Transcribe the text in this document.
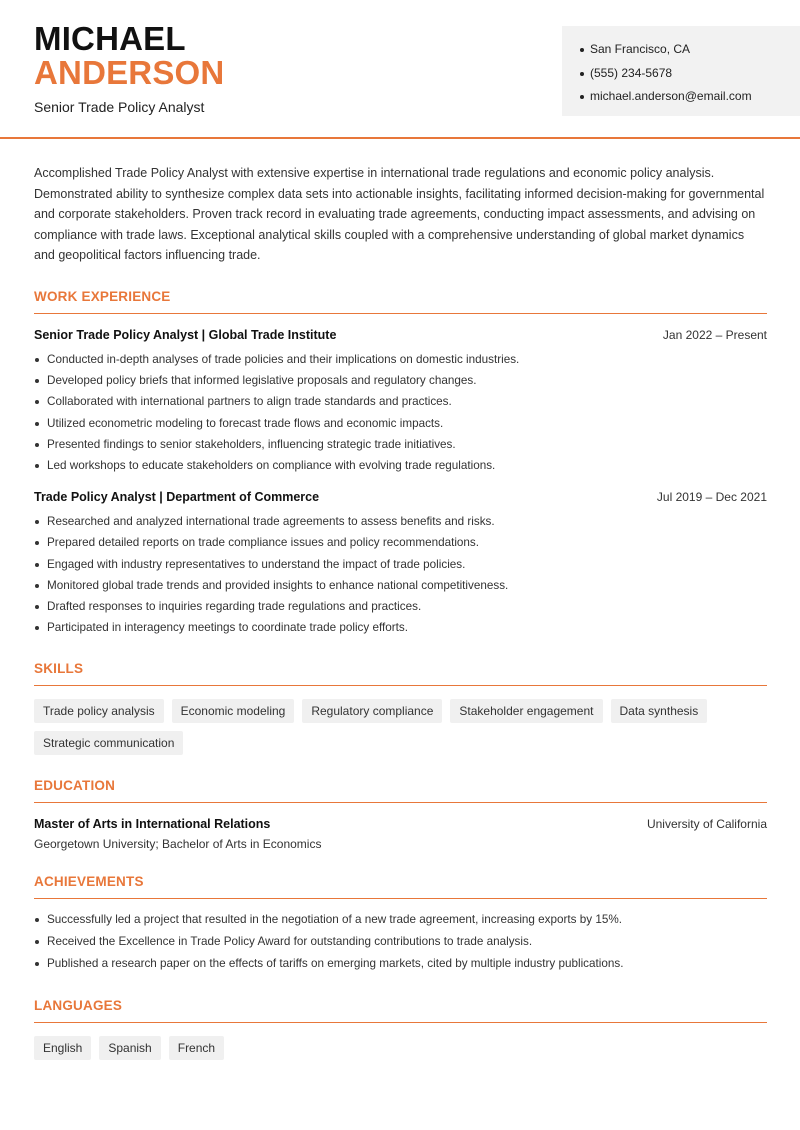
MICHAEL
ANDERSON
Senior Trade Policy Analyst
San Francisco, CA
(555) 234-5678
michael.anderson@email.com

Accomplished Trade Policy Analyst with extensive expertise in international trade regulations and economic policy analysis. Demonstrated ability to synthesize complex data sets into actionable insights, facilitating informed decision-making for governmental and corporate stakeholders. Proven track record in evaluating trade agreements, conducting impact assessments, and advising on compliance with trade laws. Exceptional analytical skills coupled with a comprehensive understanding of global market dynamics and geopolitical factors influencing trade.

WORK EXPERIENCE
Senior Trade Policy Analyst | Global Trade Institute	Jan 2022 – Present
Conducted in-depth analyses of trade policies and their implications on domestic industries.
Developed policy briefs that informed legislative proposals and regulatory changes.
Collaborated with international partners to align trade standards and practices.
Utilized econometric modeling to forecast trade flows and economic impacts.
Presented findings to senior stakeholders, influencing strategic trade initiatives.
Led workshops to educate stakeholders on compliance with evolving trade regulations.
Trade Policy Analyst | Department of Commerce	Jul 2019 – Dec 2021
Researched and analyzed international trade agreements to assess benefits and risks.
Prepared detailed reports on trade compliance issues and policy recommendations.
Engaged with industry representatives to understand the impact of trade policies.
Monitored global trade trends and provided insights to enhance national competitiveness.
Drafted responses to inquiries regarding trade regulations and practices.
Participated in interagency meetings to coordinate trade policy efforts.
SKILLS
Trade policy analysis	Economic modeling	Regulatory compliance	Stakeholder engagement	Data synthesis
Strategic communication
EDUCATION
Master of Arts in International Relations	University of California
Georgetown University; Bachelor of Arts in Economics
ACHIEVEMENTS
Successfully led a project that resulted in the negotiation of a new trade agreement, increasing exports by 15%.
Received the Excellence in Trade Policy Award for outstanding contributions to trade analysis.
Published a research paper on the effects of tariffs on emerging markets, cited by multiple industry publications.
LANGUAGES
English	Spanish	French
